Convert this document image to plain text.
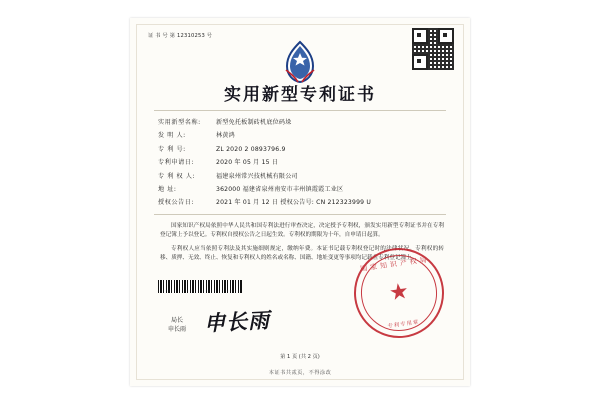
证 书 号 第 12310253 号
实用新型专利证书
实用新型名称: 新型免托板制砖机底位码垛
发 明 人:	林黄鸿
专 利 号:	ZL 2020 2 0893796.9
专利申请日:	2020 年 05 月 15 日
专 利 权 人:	福建泉州常兴技机械有限公司
地 址:	362000 福建省泉州南安市丰州镇霞霞工业区
授权公告日:	2021 年 01 月 12 日 授权公告号: CN 212323999 U

国家知识产权局依照中华人民共和国专利法进行审查决定，决定授予专利权，颁发实用新型专利证书并在专利登记簿上予以登记。专利权自授权公告之日起生效。专利权的期限为十年，自申请日起算。

专利权人应当依照专利法及其实施细则规定，缴纳年费。本证书记载专利权登记时的法律状况。专利权的转移、质押、无效、终止、恢复和专利权人的姓名或名称、国籍、地址变更等事项均记载在专利登记簿上。

国家知识产权局
★
专利专用章
局长
申长雨 申长雨
第 1 页 (共 2 页)
本证书共贰页，不得涂改
